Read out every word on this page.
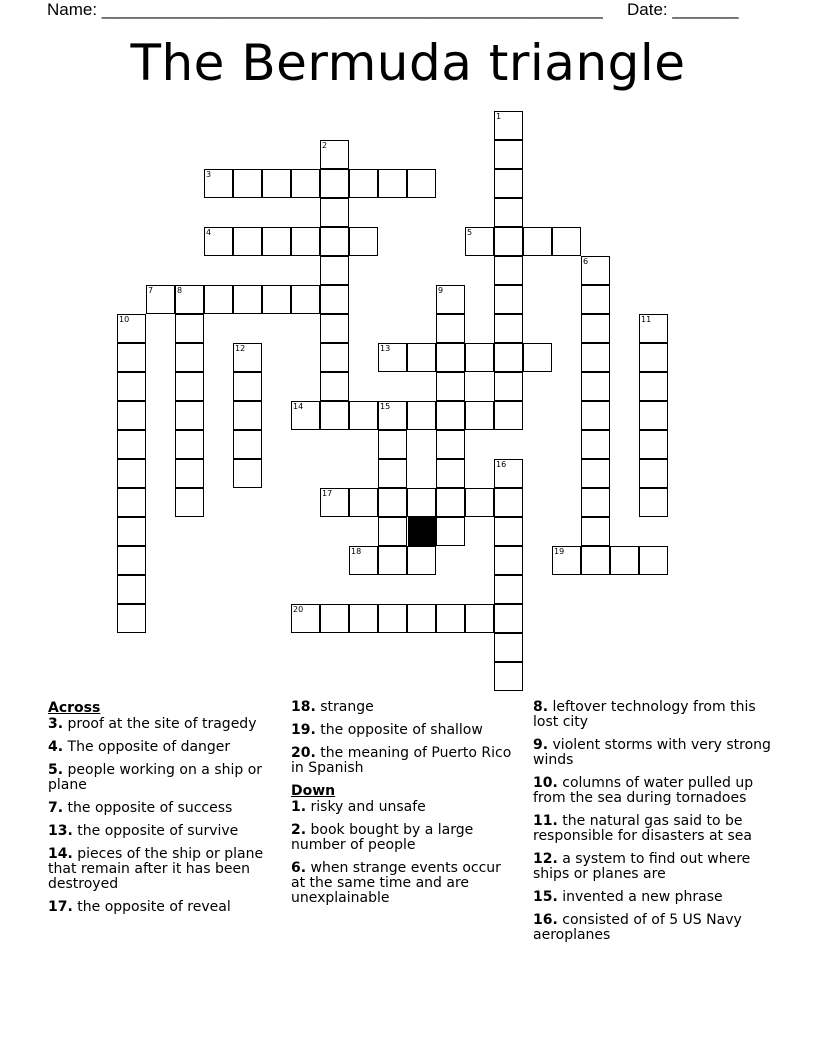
Name: _____________________________________________________ Date: _______
The Bermuda triangle
1
2
3
4	5
6
7	8	9
10	11
12	13
14	15
16
17
18	19
20
Across
3. proof at the site of tragedy
4. The opposite of danger
5. people working on a ship or plane
7. the opposite of success
13. the opposite of survive
14. pieces of the ship or plane that remain after it has been destroyed
17. the opposite of reveal
18. strange
19. the opposite of shallow
20. the meaning of Puerto Rico in Spanish
Down
1. risky and unsafe
2. book bought by a large number of people
6. when strange events occur at the same time and are unexplainable
8. leftover technology from this lost city
9. violent storms with very strong winds
10. columns of water pulled up from the sea during tornadoes
11. the natural gas said to be responsible for disasters at sea
12. a system to find out where ships or planes are
15. invented a new phrase
16. consisted of of 5 US Navy aeroplanes
